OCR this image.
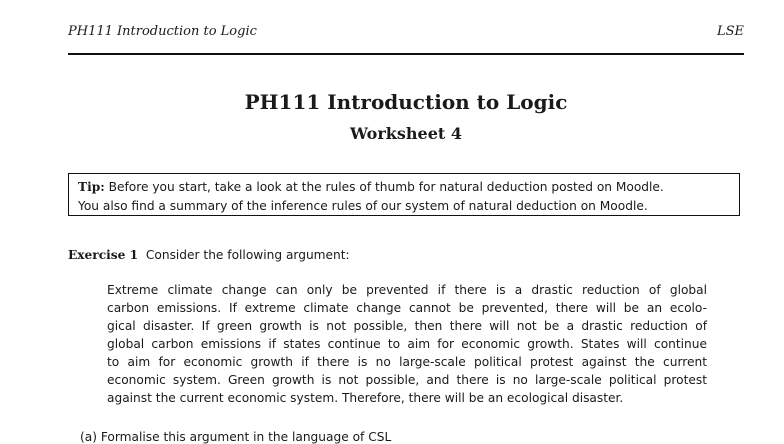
PH111 Introduction to Logic	LSE
PH111 Introduction to Logic
Worksheet 4
Tip: Before you start, take a look at the rules of thumb for natural deduction posted on Moodle.
You also find a summary of the inference rules of our system of natural deduction on Moodle.
Exercise 1 Consider the following argument:
Extreme climate change can only be prevented if there is a drastic reduction of global
carbon emissions. If extreme climate change cannot be prevented, there will be an ecolo-
gical disaster. If green growth is not possible, then there will not be a drastic reduction of
global carbon emissions if states continue to aim for economic growth. States will continue
to aim for economic growth if there is no large-scale political protest against the current
economic system. Green growth is not possible, and there is no large-scale political protest
against the current economic system. Therefore, there will be an ecological disaster.
(a) Formalise this argument in the language of CSL
